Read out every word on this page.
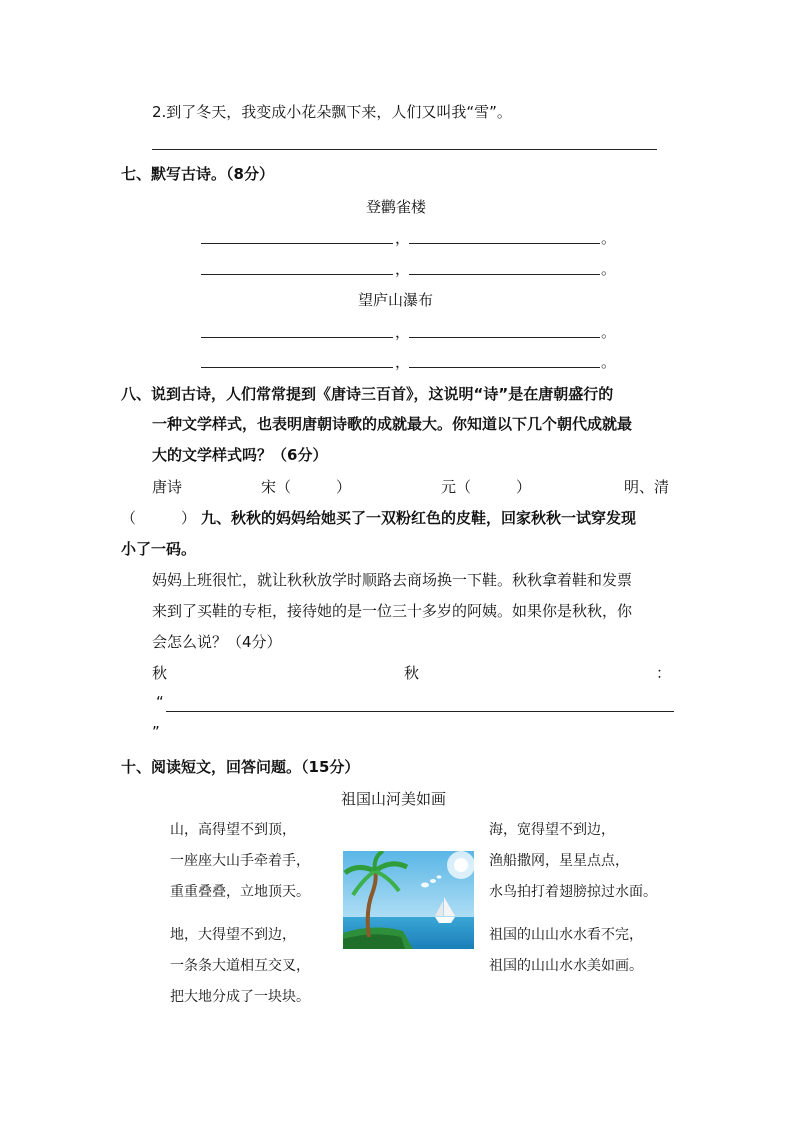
2.到了冬天，我变成小花朵飘下来，人们又叫我“雪”。
七、默写古诗。（8分）
登鹳雀楼
，	。
，	。
望庐山瀑布
，	。
，	。
八、说到古诗，人们常常提到《唐诗三百首》，这说明“诗”是在唐朝盛行的
一种文学样式，也表明唐朝诗歌的成就最大。你知道以下几个朝代成就最
大的文学样式吗？（6分）
唐诗	宋（　　　）	元（　　　）	明、清
（　　　） 九、秋秋的妈妈给她买了一双粉红色的皮鞋，回家秋秋一试穿发现
小了一码。
妈妈上班很忙，就让秋秋放学时顺路去商场换一下鞋。秋秋拿着鞋和发票
来到了买鞋的专柜，接待她的是一位三十多岁的阿姨。如果你是秋秋，你
会怎么说？（4分）
秋	秋	：
“
”
十、阅读短文，回答问题。（15分）
祖国山河美如画
山，高得望不到顶，
一座座大山手牵着手，
重重叠叠，立地顶天。
地，大得望不到边，
一条条大道相互交叉，
把大地分成了一块块。
海，宽得望不到边，
渔船撒网，星星点点，
水鸟拍打着翅膀掠过水面。
祖国的山山水水看不完，
祖国的山山水水美如画。
